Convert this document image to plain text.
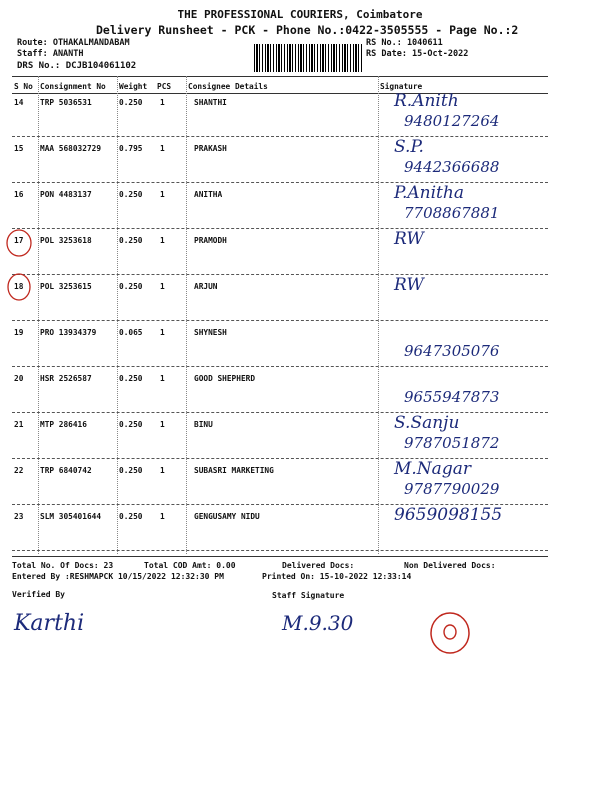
THE PROFESSIONAL COURIERS, Coimbatore
Delivery Runsheet - PCK - Phone No.:0422-3505555 - Page No.:2
Route: OTHAKALMANDABAM
Staff: ANANTH
DRS No.: DCJB104061102
RS No.: 1040611
RS Date: 15-Oct-2022
S No Consignment No Weight PCS Consignee Details	Signature
14 TRP 5036531	0.250 1	SHANTHI	R.Anith
9480127264
15 MAA 568032729 0.795 1	PRAKASH	S.P.
9442366688
16 PON 4483137	0.250 1	ANITHA	P.Anitha
7708867881
17 POL 3253618	0.250 1	PRAMODH	RW
18 POL 3253615	0.250 1	ARJUN	RW
19 PRO 13934379	0.065 1	SHYNESH
9647305076
20 HSR 2526587	0.250 1	GOOD SHEPHERD
9655947873
21 MTP 286416	0.250 1	BINU	S.Sanju
9787051872
22 TRP 6840742	0.250 1	SUBASRI MARKETING	M.Nagar
9787790029
23 SLM 305401644 0.250 1	GENGUSAMY NIDU	9659098155
Total No. Of Docs: 23	Total COD Amt: 0.00	Delivered Docs:	Non Delivered Docs:
Entered By :RESHMAPCK 10/15/2022 12:32:30 PM	Printed On: 15-10-2022 12:33:14
Verified By	Staff Signature
Karthi	M.9.30
